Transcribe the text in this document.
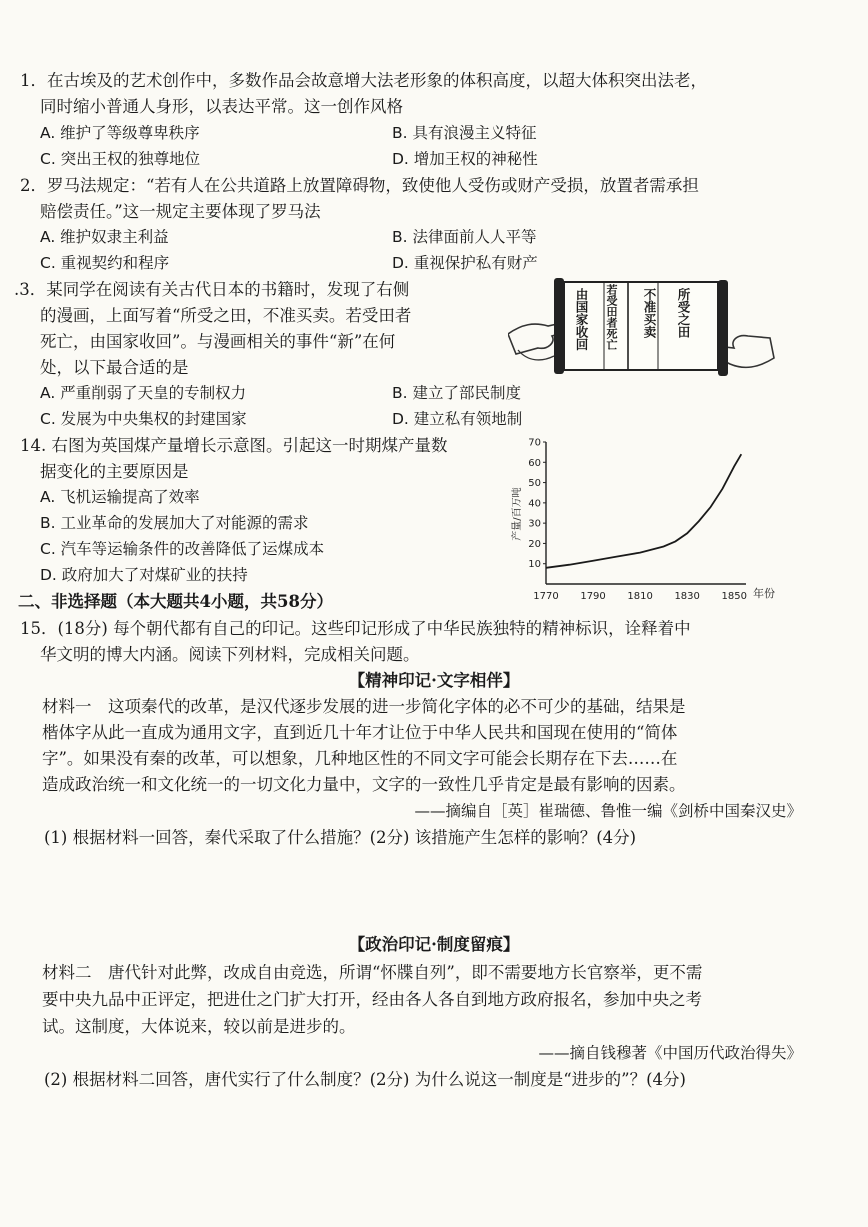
1．在古埃及的艺术创作中，多数作品会故意增大法老形象的体积高度，以超大体积突出法老，
同时缩小普通人身形，以表达平常。这一创作风格
A. 维护了等级尊卑秩序	B. 具有浪漫主义特征
C. 突出王权的独尊地位	D. 增加王权的神秘性
2．罗马法规定：“若有人在公共道路上放置障碍物，致使他人受伤或财产受损，放置者需承担
赔偿责任。”这一规定主要体现了罗马法
A. 维护奴隶主利益	B. 法律面前人人平等
C. 重视契约和程序	D. 重视保护私有财产
.3．某同学在阅读有关古代日本的书籍时，发现了右侧
的漫画，上面写着“所受之田，不准买卖。若受田者
死亡，由国家收回”。与漫画相关的事件“新”在何
处，以下最合适的是
A. 严重削弱了天皇的专制权力	B. 建立了部民制度
C. 发展为中央集权的封建国家	D. 建立私有领地制
所受之田
不准买卖
若受田者死亡
由国家收回
14. 右图为英国煤产量增长示意图。引起这一时期煤产量数
据变化的主要原因是
A. 飞机运输提高了效率
B. 工业革命的发展加大了对能源的需求
C. 汽车等运输条件的改善降低了运煤成本
D. 政府加大了对煤矿业的扶持
产量/百万吨
年份
10
20
30
40
50
60
70
1770 1790 1810 1830 1850
二、非选择题（本大题共4小题，共58分）
15．(18分) 每个朝代都有自己的印记。这些印记形成了中华民族独特的精神标识，诠释着中
华文明的博大内涵。阅读下列材料，完成相关问题。
【精神印记·文字相伴】
材料一　这项秦代的改革，是汉代逐步发展的进一步简化字体的必不可少的基础，结果是
楷体字从此一直成为通用文字，直到近几十年才让位于中华人民共和国现在使用的“简体
字”。如果没有秦的改革，可以想象，几种地区性的不同文字可能会长期存在下去……在
造成政治统一和文化统一的一切文化力量中，文字的一致性几乎肯定是最有影响的因素。
——摘编自［英］崔瑞德、鲁惟一编《剑桥中国秦汉史》
(1) 根据材料一回答，秦代采取了什么措施？(2分) 该措施产生怎样的影响？(4分)
【政治印记·制度留痕】
材料二　唐代针对此弊，改成自由竞选，所谓“怀牒自列”，即不需要地方长官察举，更不需
要中央九品中正评定，把进仕之门扩大打开，经由各人各自到地方政府报名，参加中央之考
试。这制度，大体说来，较以前是进步的。
——摘自钱穆著《中国历代政治得失》
(2) 根据材料二回答，唐代实行了什么制度？(2分) 为什么说这一制度是“进步的”？(4分)
